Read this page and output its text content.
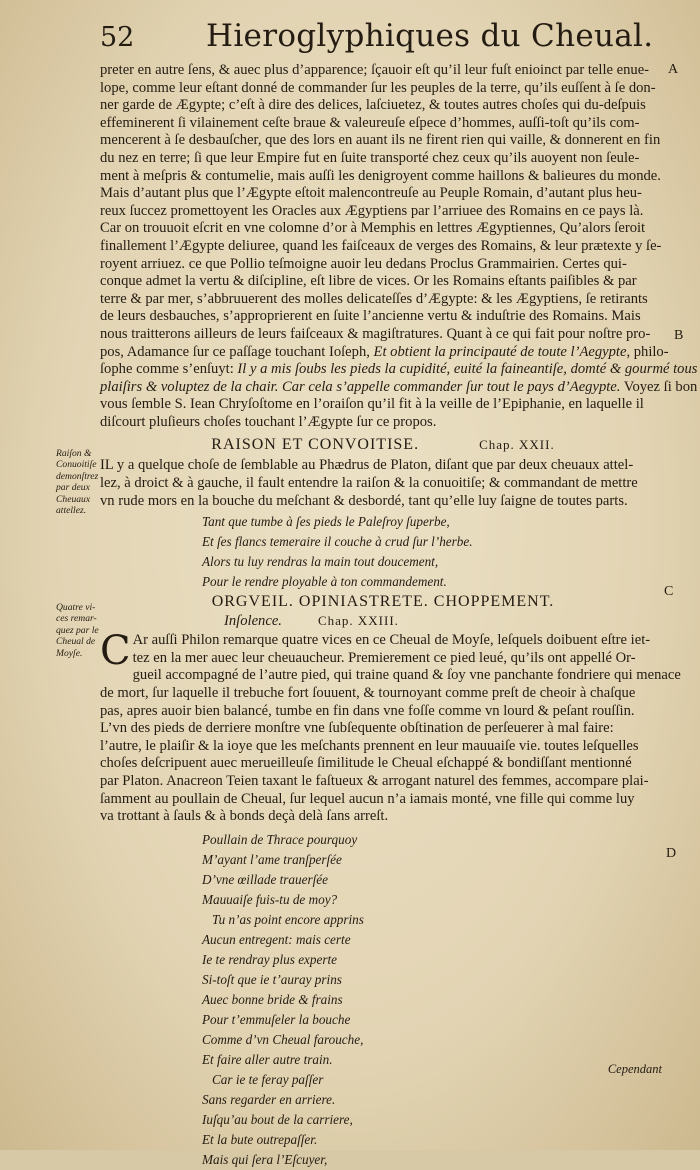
52 Hieroglyphiques du Cheual.
A
B
C
D
Raiſon &
Conuoitiſe
demonſtrez
par deux
Cheuaux
attellez.
Quatre vi-
ces remar-
quez par le
Cheual de
Moyſe.
preter en autre ſens, & auec plus d’apparence; ſçauoir eſt qu’il leur fuſt enioinct par telle enue-
lope, comme leur eſtant donné de commander ſur les peuples de la terre, qu’ils euſſent à ſe don-
ner garde de Ægypte; c’eſt à dire des delices, laſciuetez, & toutes autres choſes qui du-deſpuis
effeminerent ſi vilainement ceſte braue & valeureuſe eſpece d’hommes, auſſi-toſt qu’ils com-
mencerent à ſe desbauſcher, que des lors en auant ils ne firent rien qui vaille, & donnerent en fin
du nez en terre; ſi que leur Empire fut en ſuite transporté chez ceux qu’ils auoyent non ſeule-
ment à meſpris & contumelie, mais auſſi les denigroyent comme haillons & balieures du monde.
Mais d’autant plus que l’Ægypte eſtoit malencontreuſe au Peuple Romain, d’autant plus heu-
reux ſuccez promettoyent les Oracles aux Ægyptiens par l’arriuee des Romains en ce pays là.
Car on trouuoit eſcrit en vne colomne d’or à Memphis en lettres Ægyptiennes, Qu’alors ſeroit
finallement l’Ægypte deliuree, quand les faiſceaux de verges des Romains, & leur prætexte y ſe-
royent arriuez. ce que Pollio teſmoigne auoir leu dedans Proclus Grammairien. Certes qui-
conque admet la vertu & diſcipline, eſt libre de vices. Or les Romains eſtants paiſibles & par
terre & par mer, s’abbruuerent des molles delicateſſes d’Ægypte: & les Ægyptiens, ſe retirants
de leurs desbauches, s’approprierent en ſuite l’ancienne vertu & induſtrie des Romains. Mais
nous traitterons ailleurs de leurs faiſceaux & magiſtratures. Quant à ce qui fait pour noſtre pro-
pos, Adamance ſur ce paſſage touchant Ioſeph, Et obtient la principauté de toute l’Aegypte, philo-
ſophe comme s’enſuyt: Il y a mis ſoubs les pieds la cupidité, euité la faineantiſe, domté & gourmé tous
plaiſirs & voluptez de la chair. Car cela s’appelle commander ſur tout le pays d’Aegypte. Voyez ſi bon
vous ſemble S. Iean Chryſoſtome en l’oraiſon qu’il fit à la veille de l’Epiphanie, en laquelle il
diſcourt pluſieurs choſes touchant l’Ægypte ſur ce propos.
RAISON ET CONVOITISE.	Chap. XXII.
IL y a quelque choſe de ſemblable au Phædrus de Platon, diſant que par deux cheuaux attel-
lez, à droict & à gauche, il fault entendre la raiſon & la conuoitiſe; & commandant de mettre
vn rude mors en la bouche du meſchant & desbordé, tant qu’elle luy ſaigne de toutes parts.
Tant que tumbe à ſes pieds le Paleſroy ſuperbe,
Et ſes flancs temeraire il couche à crud ſur l’herbe.
Alors tu luy rendras la main tout doucement,
Pour le rendre ployable à ton commandement.
ORGVEIL. OPINIASTRETE. CHOPPEMENT.
Inſolence.	Chap. XXIII.
C Ar auſſi Philon remarque quatre vices en ce Cheual de Moyſe, leſquels doibuent eſtre iet-
tez en la mer auec leur cheuaucheur. Premierement ce pied leué, qu’ils ont appellé Or-
gueil accompagné de l’autre pied, qui traine quand & ſoy vne panchante fondriere qui menace
de mort, ſur laquelle il trebuche fort ſouuent, & tournoyant comme preſt de cheoir à chaſque
pas, apres auoir bien balancé, tumbe en fin dans vne foſſe comme vn lourd & peſant rouſſin.
L’vn des pieds de derriere monſtre vne ſubſequente obſtination de perſeuerer à mal faire:
l’autre, le plaiſir & la ioye que les meſchants prennent en leur mauuaiſe vie. toutes leſquelles
choſes deſcripuent auec merueilleuſe ſimilitude le Cheual eſchappé & bondiſſant mentionné
par Platon. Anacreon Teien taxant le faſtueux & arrogant naturel des femmes, accompare plai-
ſamment au poullain de Cheual, ſur lequel aucun n’a iamais monté, vne fille qui comme luy
va trottant à ſauls & à bonds deçà delà ſans arreſt.
Poullain de Thrace pourquoy
M’ayant l’ame tranſperſée
D’vne œillade trauerſée
Mauuaiſe fuis-tu de moy?
Tu n’as point encore apprins
Aucun entregent: mais certe
Ie te rendray plus experte
Si-toſt que ie t’auray prins
Auec bonne bride & frains
Pour t’emmuſeler la bouche
Comme d’vn Cheual farouche,
Et faire aller autre train.
Car ie te feray paſſer
Sans regarder en arriere.
Iuſqu’au bout de la carriere,
Et la bute outrepaſſer.
Mais qui ſera l’Eſcuyer,
Cependant
